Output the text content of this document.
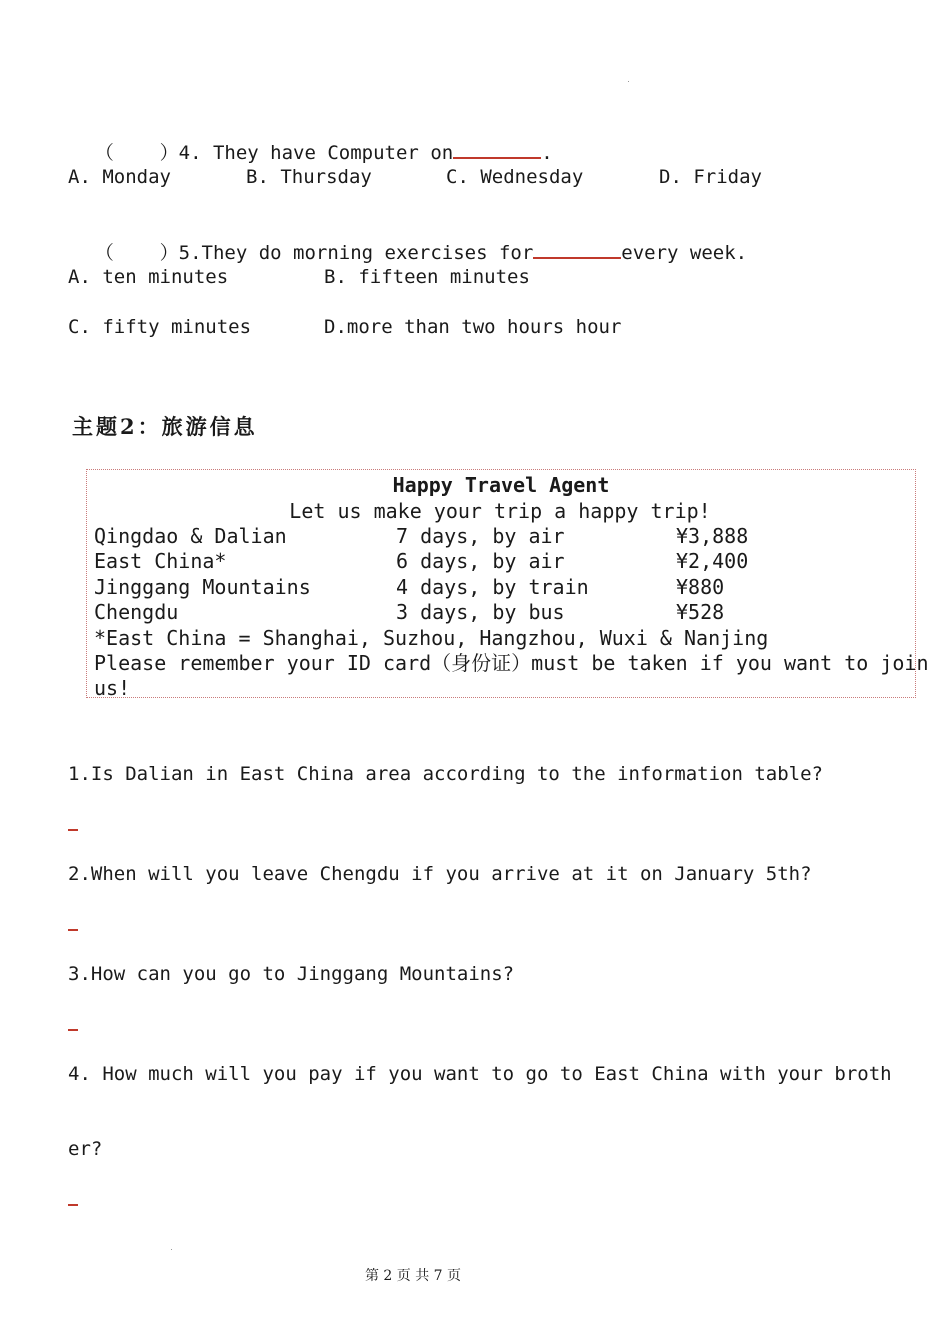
（    ）4. They have Computer on	.

A. Monday	B. Thursday	C. Wednesday	D. Friday

（    ）5.They do morning exercises for	every week.

A. ten minutes	B. fifteen minutes
C. fifty minutes	D.more than two hours hour
主题2：旅游信息
Happy Travel Agent
Let us make your trip a happy trip!
Qingdao & Dalian	7 days, by air	¥3,888
East China*	6 days, by air	¥2,400
Jinggang Mountains	4 days, by train	¥880
Chengdu	3 days, by bus	¥528
*East China = Shanghai, Suzhou, Hangzhou, Wuxi & Nanjing
Please remember your ID card（身份证）must be taken if you want to join
us!
1.Is Dalian in East China area according to the information table?
2.When will you leave Chengdu if you arrive at it on January 5th?
3.How can you go to Jinggang Mountains?
4. How much will you pay if you want to go to East China with your broth
er?
第 2 页 共 7 页
